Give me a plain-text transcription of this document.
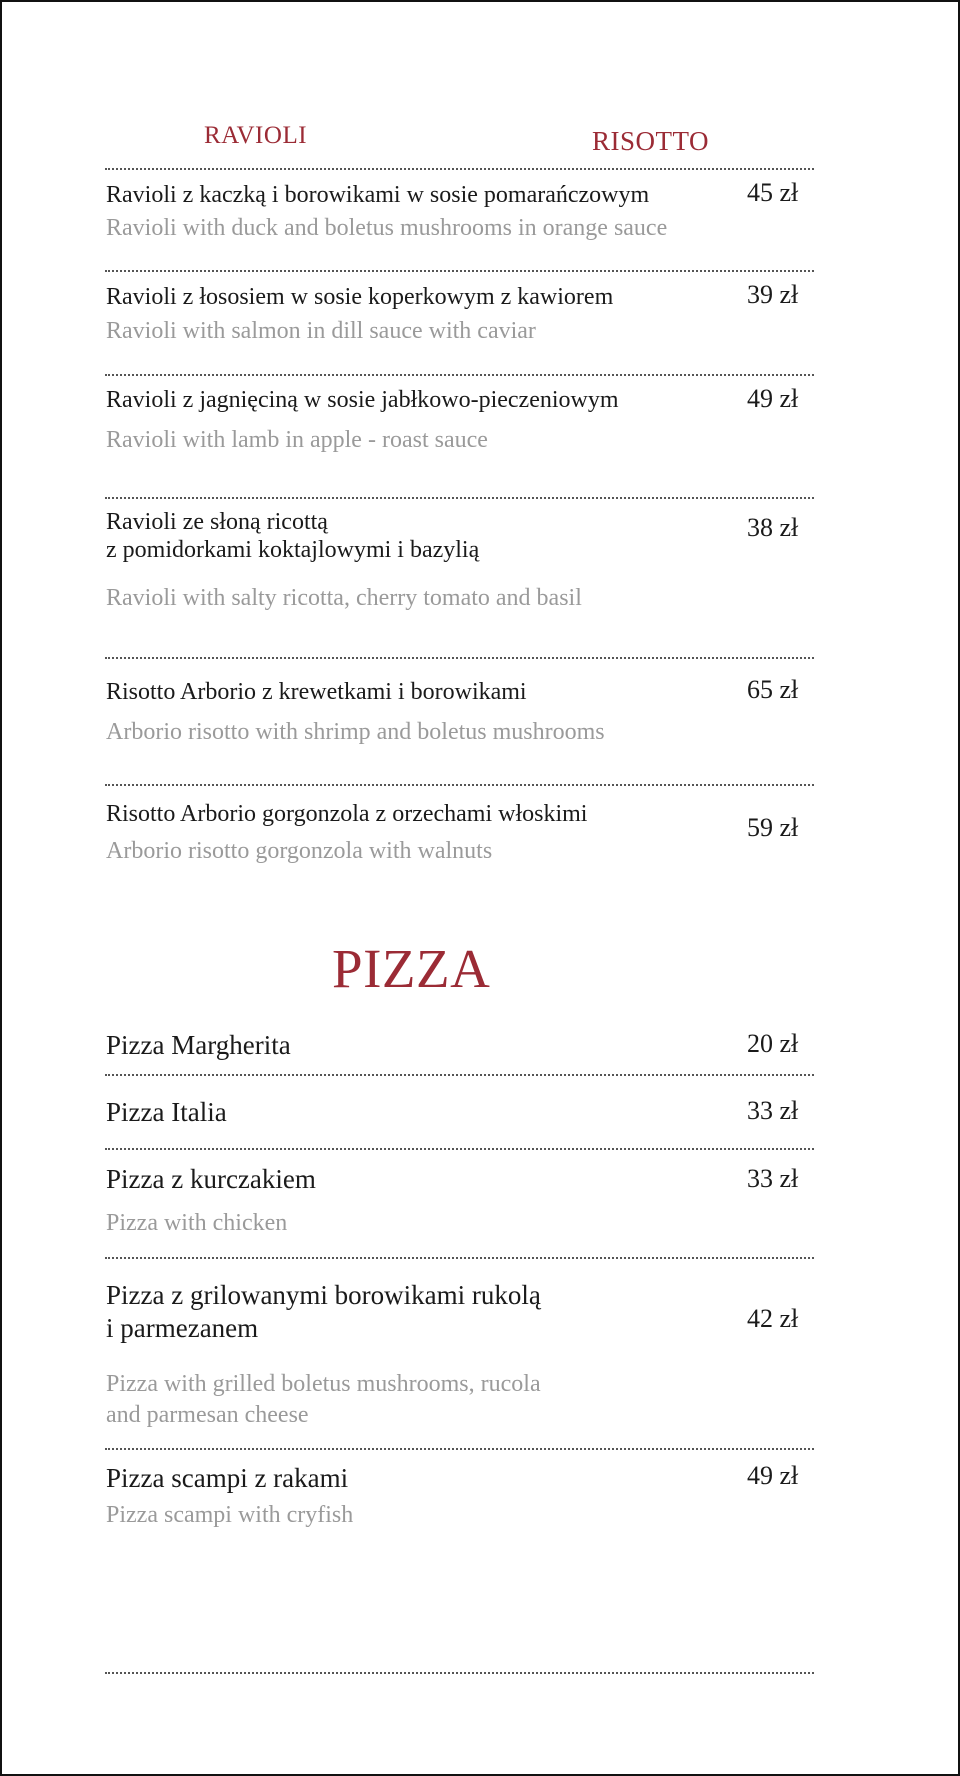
ravioli	risotto
Ravioli z kaczką i borowikami w sosie pomarańczowym	45 zł
Ravioli with duck and boletus mushrooms in orange sauce
Ravioli z łososiem w sosie koperkowym z kawiorem	39 zł
Ravioli with salmon in dill sauce with caviar
Ravioli z jagnięciną w sosie jabłkowo-pieczeniowym	49 zł
Ravioli with lamb in apple - roast sauce
Ravioli ze słoną ricottą
z pomidorkami koktajlowymi i bazylią
38 zł
Ravioli with salty ricotta, cherry tomato and basil
Risotto Arborio z krewetkami i borowikami	65 zł
Arborio risotto with shrimp and boletus mushrooms
Risotto Arborio gorgonzola z orzechami włoskimi	59 zł
Arborio risotto gorgonzola with walnuts
pizza
Pizza Margherita	20 zł
Pizza Italia	33 zł
Pizza z kurczakiem	33 zł
Pizza with chicken
Pizza z grilowanymi borowikami rukolą
i parmezanem	42 zł
Pizza with grilled boletus mushrooms, rucola
and parmesan cheese
Pizza scampi z rakami	49 zł
Pizza scampi with cryfish
